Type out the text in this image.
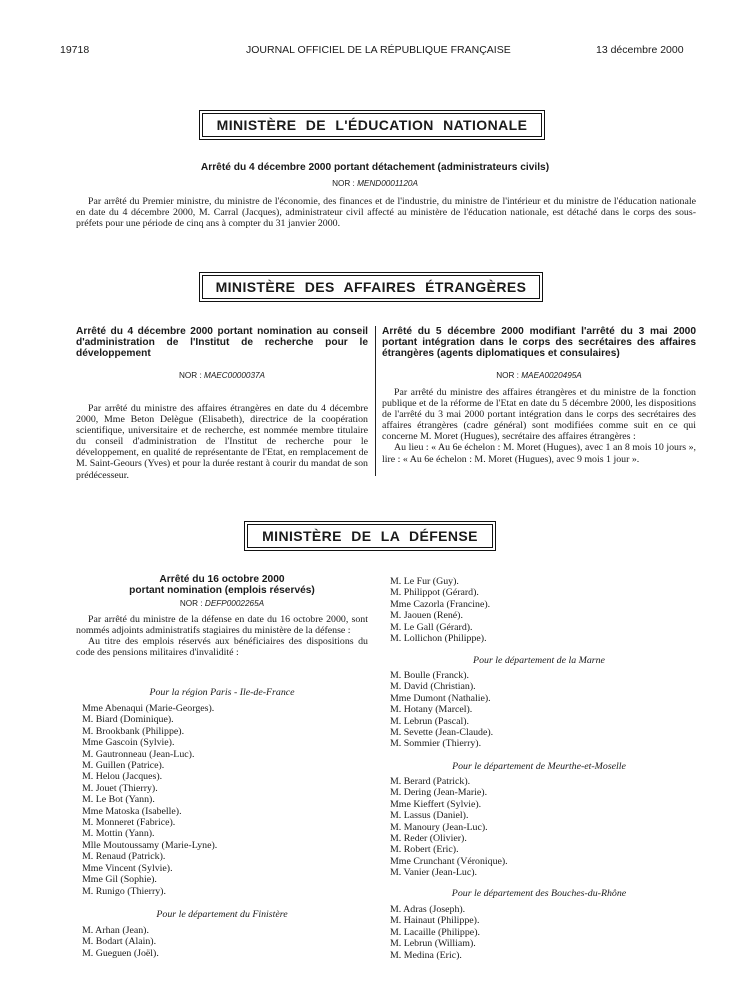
19718	JOURNAL OFFICIEL DE LA RÉPUBLIQUE FRANÇAISE	13 décembre 2000
MINISTÈRE DE L'ÉDUCATION NATIONALE
Arrêté du 4 décembre 2000 portant détachement (administrateurs civils)
NOR : MEND0001120A

Par arrêté du Premier ministre, du ministre de l'économie, des finances et de l'industrie, du ministre de l'intérieur et du ministre de l'éducation nationale en date du 4 décembre 2000, M. Carral (Jacques), administrateur civil affecté au ministère de l'éducation nationale, est détaché dans le corps des sous-préfets pour une période de cinq ans à compter du 31 janvier 2000.

MINISTÈRE DES AFFAIRES ÉTRANGÈRES
Arrêté du 4 décembre 2000 portant nomination au conseil d'administration de l'Institut de recherche pour le développement
NOR : MAEC0000037A

Par arrêté du ministre des affaires étrangères en date du 4 décembre 2000, Mme Beton Delègue (Elisabeth), directrice de la coopération scientifique, universitaire et de recherche, est nommée membre titulaire du conseil d'administration de l'Institut de recherche pour le développement, en qualité de représentante de l'Etat, en remplacement de M. Saint-Geours (Yves) et pour la durée restant à courir du mandat de son prédécesseur.

Arrêté du 5 décembre 2000 modifiant l'arrêté du 3 mai 2000 portant intégration dans le corps des secrétaires des affaires étrangères (agents diplomatiques et consulaires)
NOR : MAEA0020495A

Par arrêté du ministre des affaires étrangères et du ministre de la fonction publique et de la réforme de l'Etat en date du 5 décembre 2000, les dispositions de l'arrêté du 3 mai 2000 portant intégration dans le corps des secrétaires des affaires étrangères (cadre général) sont modifiées comme suit en ce qui concerne M. Moret (Hugues), secrétaire des affaires étrangères :

Au lieu : « Au 6e échelon : M. Moret (Hugues), avec 1 an 8 mois 10 jours », lire : « Au 6e échelon : M. Moret (Hugues), avec 9 mois 1 jour ».

MINISTÈRE DE LA DÉFENSE
Arrêté du 16 octobre 2000
portant nomination (emplois réservés)
NOR : DEFP0002265A

Par arrêté du ministre de la défense en date du 16 octobre 2000, sont nommés adjoints administratifs stagiaires du ministère de la défense :

Au titre des emplois réservés aux bénéficiaires des dispositions du code des pensions militaires d'invalidité :

Pour la région Paris - Ile-de-France
Mme Abenaqui (Marie-Georges).
M. Biard (Dominique).
M. Brookbank (Philippe).
Mme Gascoin (Sylvie).
M. Gautronneau (Jean-Luc).
M. Guillen (Patrice).
M. Helou (Jacques).
M. Jouet (Thierry).
M. Le Bot (Yann).
Mme Matoska (Isabelle).
M. Monneret (Fabrice).
M. Mottin (Yann).
Mlle Moutoussamy (Marie-Lyne).
M. Renaud (Patrick).
Mme Vincent (Sylvie).
Mme Gil (Sophie).
M. Runigo (Thierry).
Pour le département du Finistère
M. Arhan (Jean).
M. Bodart (Alain).
M. Gueguen (Joël).
M. Le Fur (Guy).
M. Philippot (Gérard).
Mme Cazorla (Francine).
M. Jaouen (René).
M. Le Gall (Gérard).
M. Lollichon (Philippe).
Pour le département de la Marne
M. Boulle (Franck).
M. David (Christian).
Mme Dumont (Nathalie).
M. Hotany (Marcel).
M. Lebrun (Pascal).
M. Sevette (Jean-Claude).
M. Sommier (Thierry).
Pour le département de Meurthe-et-Moselle
M. Berard (Patrick).
M. Dering (Jean-Marie).
Mme Kieffert (Sylvie).
M. Lassus (Daniel).
M. Manoury (Jean-Luc).
M. Reder (Olivier).
M. Robert (Eric).
Mme Crunchant (Véronique).
M. Vanier (Jean-Luc).
Pour le département des Bouches-du-Rhône
M. Adras (Joseph).
M. Hainaut (Philippe).
M. Lacaille (Philippe).
M. Lebrun (William).
M. Medina (Eric).
